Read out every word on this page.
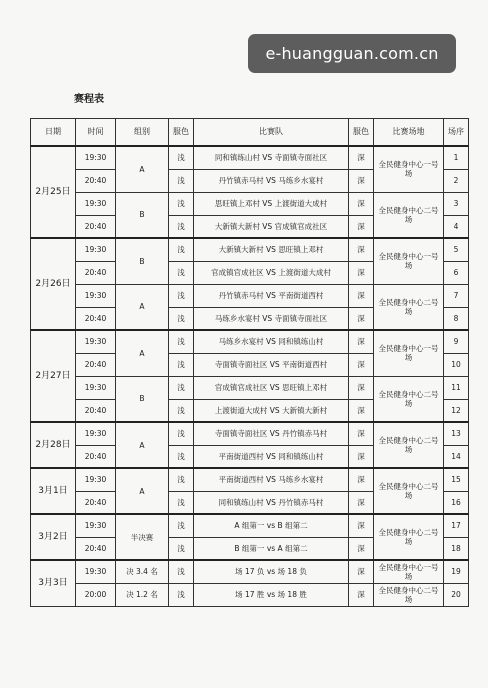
e-huangguan.com.cn
赛程表
日期	时间	组别	服色	比赛队	服色	比赛场地	场序
2月25日	19:30	A	浅	同和镇练山村 VS 寺面镇寺面社区	深	全民健身中心一号场	1
	20:40		浅	丹竹镇赤马村 VS 马练乡水宴村	深		2
	19:30	B	浅	思旺镇上邓村 VS 上渡街道大成村	深	全民健身中心二号场	3
	20:40		浅	大新镇大新村 VS 官成镇官成社区	深		4
2月26日	19:30	B	浅	大新镇大新村 VS 思旺镇上邓村	深	全民健身中心一号场	5
	20:40		浅	官成镇官成社区 VS 上渡街道大成村	深		6
	19:30	A	浅	丹竹镇赤马村 VS 平南街道西村	深	全民健身中心二号场	7
	20:40		浅	马练乡水宴村 VS 寺面镇寺面社区	深		8
2月27日	19:30	A	浅	马练乡水宴村 VS 同和镇练山村	深	全民健身中心一号场	9
	20:40		浅	寺面镇寺面社区 VS 平南街道西村	深		10
	19:30	B	浅	官成镇官成社区 VS 思旺镇上邓村	深	全民健身中心二号场	11
	20:40		浅	上渡街道大成村 VS 大新镇大新村	深		12
2月28日	19:30	A	浅	寺面镇寺面社区 VS 丹竹镇赤马村	深	全民健身中心二号场	13
	20:40		浅	平南街道西村 VS 同和镇练山村	深		14
3月1日	19:30	A	浅	平南街道西村 VS 马练乡水宴村	深	全民健身中心二号场	15
	20:40		浅	同和镇练山村 VS 丹竹镇赤马村	深		16
3月2日	19:30	半决赛	浅	A 组第一 vs B 组第二	深	全民健身中心二号场	17
	20:40		浅	B 组第一 vs A 组第二	深		18
3月3日	19:30	决 3.4 名	浅	场 17 负 vs 场 18 负	深	全民健身中心一号场	19
	20:00	决 1.2 名	浅	场 17 胜 vs 场 18 胜	深	全民健身中心二号场	20
